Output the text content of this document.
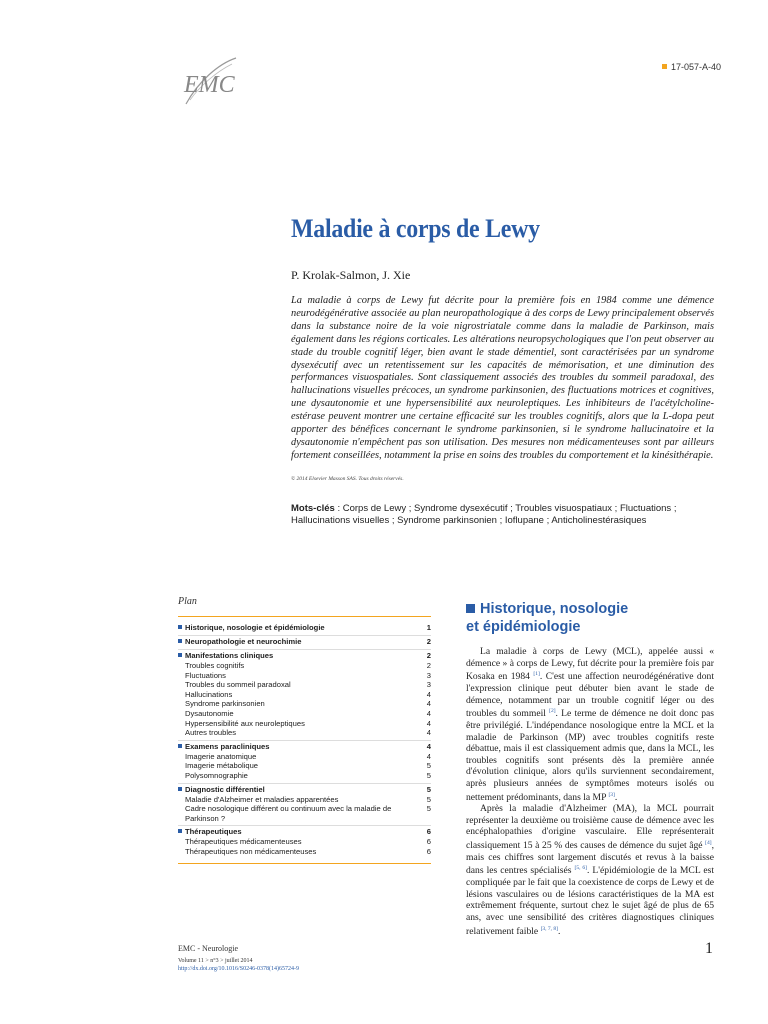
EMC
17-057-A-40
Maladie à corps de Lewy
P. Krolak-Salmon, J. Xie

La maladie à corps de Lewy fut décrite pour la première fois en 1984 comme une démence neurodégénérative associée au plan neuropathologique à des corps de Lewy principalement observés dans la substance noire de la voie nigrostriatale comme dans la maladie de Parkinson, mais également dans les régions corticales. Les altérations neuropsychologiques que l'on peut observer au stade du trouble cognitif léger, bien avant le stade démentiel, sont caractérisées par un syndrome dysexécutif avec un retentissement sur les capacités de mémorisation, et une diminution des performances visuospatiales. Sont classiquement associés des troubles du sommeil paradoxal, des hallucinations visuelles précoces, un syndrome parkinsonien, des fluctuations motrices et cognitives, une dysautonomie et une hypersensibilité aux neuroleptiques. Les inhibiteurs de l'acétylcholine-estérase peuvent montrer une certaine efficacité sur les troubles cognitifs, alors que la L-dopa peut apporter des bénéfices concernant le syndrome parkinsonien, si le syndrome hallucinatoire et la dysautonomie n'empêchent pas son utilisation. Des mesures non médicamenteuses sont par ailleurs fortement conseillées, notamment la prise en soins des troubles du comportement et la kinésithérapie.

© 2014 Elsevier Masson SAS. Tous droits réservés.
Mots-clés : Corps de Lewy ; Syndrome dysexécutif ; Troubles visuospatiaux ; Fluctuations ; Hallucinations visuelles ; Syndrome parkinsonien ; Ioflupane ; Anticholinestérasiques
Plan
Historique, nosologie et épidémiologie	1
Neuropathologie et neurochimie	2
Manifestations cliniques	2
Troubles cognitifs	2
Fluctuations	3
Troubles du sommeil paradoxal	3
Hallucinations	4
Syndrome parkinsonien	4
Dysautonomie	4
Hypersensibilité aux neuroleptiques	4
Autres troubles	4
Examens paracliniques	4
Imagerie anatomique	4
Imagerie métabolique	5
Polysomnographie	5
Diagnostic différentiel	5
Maladie d'Alzheimer et maladies apparentées	5
Cadre nosologique différent ou continuum avec la maladie de Parkinson ?
5
Thérapeutiques	6
Thérapeutiques médicamenteuses	6
Thérapeutiques non médicamenteuses	6
Historique, nosologie
et épidémiologie

La maladie à corps de Lewy (MCL), appelée aussi « démence » à corps de Lewy, fut décrite pour la première fois par Kosaka en 1984 [1]. C'est une affection neurodégénérative dont l'expression clinique peut débuter bien avant le stade de démence, notamment par un trouble cognitif léger ou des troubles du sommeil [2]. Le terme de démence ne doit donc pas être privilégié. L'indépendance nosologique entre la MCL et la maladie de Parkinson (MP) avec troubles cognitifs reste débattue, mais il est classiquement admis que, dans la MCL, les troubles cognitifs sont présents dès la première année d'évolution clinique, alors qu'ils surviennent secondairement, après plusieurs années de symptômes moteurs isolés ou nettement prédominants, dans la MP [3].

Après la maladie d'Alzheimer (MA), la MCL pourrait représenter la deuxième ou troisième cause de démence avec les encéphalopathies d'origine vasculaire. Elle représenterait classiquement 15 à 25 % des causes de démence du sujet âgé [4], mais ces chiffres sont largement discutés et revus à la baisse dans les centres spécialisés [5, 6]. L'épidémiologie de la MCL est compliquée par le fait que la coexistence de corps de Lewy et de lésions vasculaires ou de lésions caractéristiques de la MA est extrêmement fréquente, surtout chez le sujet âgé de plus de 65 ans, avec une sensibilité des critères diagnostiques cliniques relativement faible [3, 7, 8].

EMC - Neurologie
Volume 11 > n°3 > juillet 2014
http://dx.doi.org/10.1016/S0246-0378(14)65724-9
1
